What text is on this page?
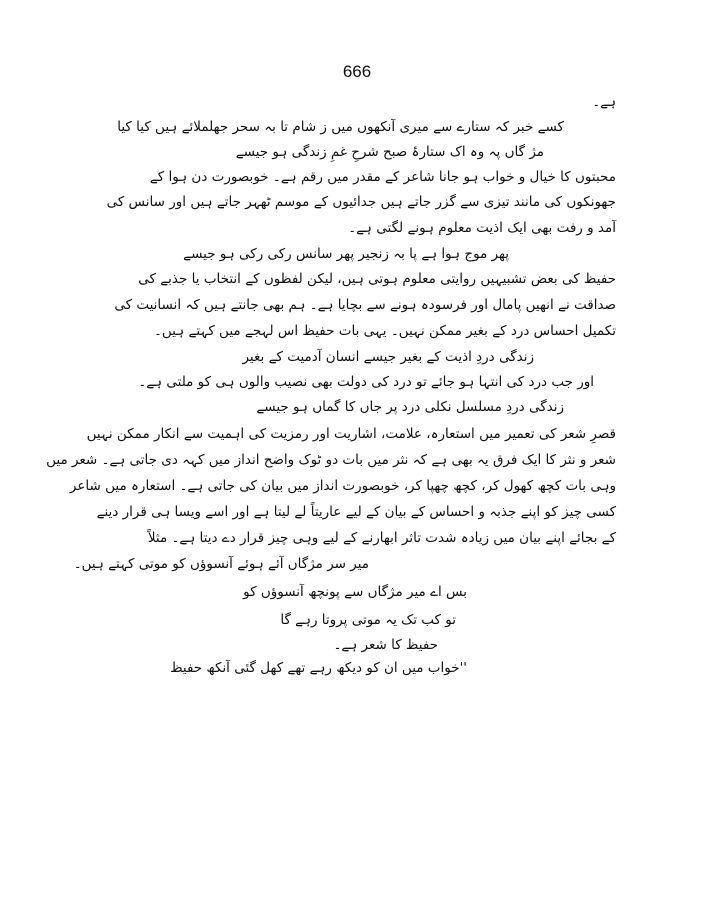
666
ہے۔
کسے خبر کہ ستارے سے میری آنکھوں میں ز شام تا بہ سحر جھلملائے ہیں کیا کیا
مژ گاں پہ وہ اک ستارۂ صبح شرحِ غمِ زندگی ہو جیسے
محبتوں کا خیال و خواب ہو جانا شاعر کے مقدر میں رقم ہے۔ خوبصورت دن ہوا کے
جھونکوں کی مانند تیزی سے گزر جاتے ہیں جدائیوں کے موسم ٹھہر جاتے ہیں اور سانس کی
آمد و رفت بھی ایک اذیت معلوم ہونے لگتی ہے۔
پھر موج ہوا ہے پا بہ زنجیر پھر سانس رکی رکی ہو جیسے
حفیظ کی بعض تشبیہیں روایتی معلوم ہوتی ہیں، لیکن لفظوں کے انتخاب یا جذبے کی
صداقت نے انھیں پامال اور فرسودہ ہونے سے بچایا ہے۔ ہم بھی جانتے ہیں کہ انسانیت کی
تکمیل احساس درد کے بغیر ممکن نہیں۔ یہی بات حفیظ اس لہجے میں کہتے ہیں۔
زندگی دردِ اذیت کے بغیر جیسے انسان آدمیت کے بغیر
اور جب درد کی انتہا ہو جائے تو درد کی دولت بھی نصیب والوں ہی کو ملتی ہے۔
زندگی دردِ مسلسل نکلی درد پر جاں کا گماں ہو جیسے
قصرِ شعر کی تعمیر میں استعارہ، علامت، اشاریت اور رمزیت کی اہمیت سے انکار ممکن نہیں
شعر و نثر کا ایک فرق یہ بھی ہے کہ نثر میں بات دو ٹوک واضح انداز میں کہہ دی جاتی ہے۔ شعر میں
وہی بات کچھ کھول کر، کچھ چھپا کر، خوبصورت انداز میں بیان کی جاتی ہے۔ استعارہ میں شاعر
کسی چیز کو اپنے جذبہ و احساس کے بیان کے لیے عاریتاً لے لیتا ہے اور اسے ویسا ہی قرار دینے
کے بجائے اپنے بیان میں زیادہ شدت تاثر ابھارنے کے لیے وہی چیز قرار دے دیتا ہے۔ مثلاً
میر سر مژگاں آئے ہوئے آنسوؤں کو موتی کہتے ہیں۔
بس اے میر مژگاں سے پونچھ آنسوؤں کو
تو کب تک یہ موتی پروتا رہے گا
حفیظ کا شعر ہے۔
''خواب میں ان کو دیکھ رہے تھے کھل گئی آنکھ حفیظ
